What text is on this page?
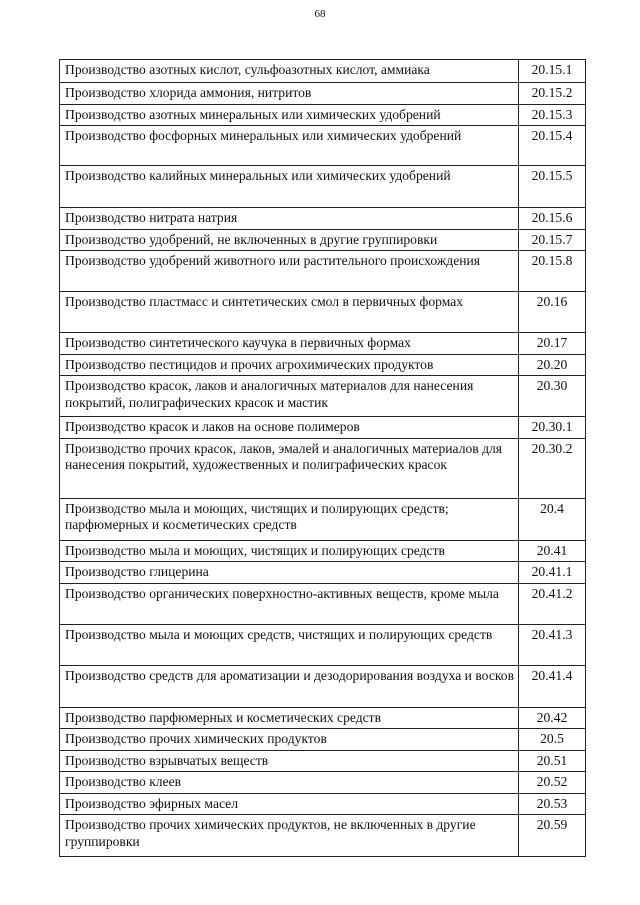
68
Производство азотных кислот, сульфоазотных кислот, аммиака	20.15.1
Производство хлорида аммония, нитритов	20.15.2
Производство азотных минеральных или химических удобрений	20.15.3
Производство фосфорных минеральных или химических удобрений	20.15.4
Производство калийных минеральных или химических удобрений	20.15.5
Производство нитрата натрия	20.15.6
Производство удобрений, не включенных в другие группировки	20.15.7
Производство удобрений животного или растительного происхождения	20.15.8
Производство пластмасс и синтетических смол в первичных формах	20.16
Производство синтетического каучука в первичных формах	20.17
Производство пестицидов и прочих агрохимических продуктов	20.20
Производство красок, лаков и аналогичных материалов для нанесения покрытий, полиграфических красок и мастик	20.30
Производство красок и лаков на основе полимеров	20.30.1
Производство прочих красок, лаков, эмалей и аналогичных материалов для нанесения покрытий, художественных и полиграфических красок	20.30.2
Производство мыла и моющих, чистящих и полирующих средств; парфюмерных и косметических средств	20.4
Производство мыла и моющих, чистящих и полирующих средств	20.41
Производство глицерина	20.41.1
Производство органических поверхностно-активных веществ, кроме мыла	20.41.2
Производство мыла и моющих средств, чистящих и полирующих средств	20.41.3
Производство средств для ароматизации и дезодорирования воздуха и восков	20.41.4
Производство парфюмерных и косметических средств	20.42
Производство прочих химических продуктов	20.5
Производство взрывчатых веществ	20.51
Производство клеев	20.52
Производство эфирных масел	20.53
Производство прочих химических продуктов, не включенных в другие группировки	20.59
